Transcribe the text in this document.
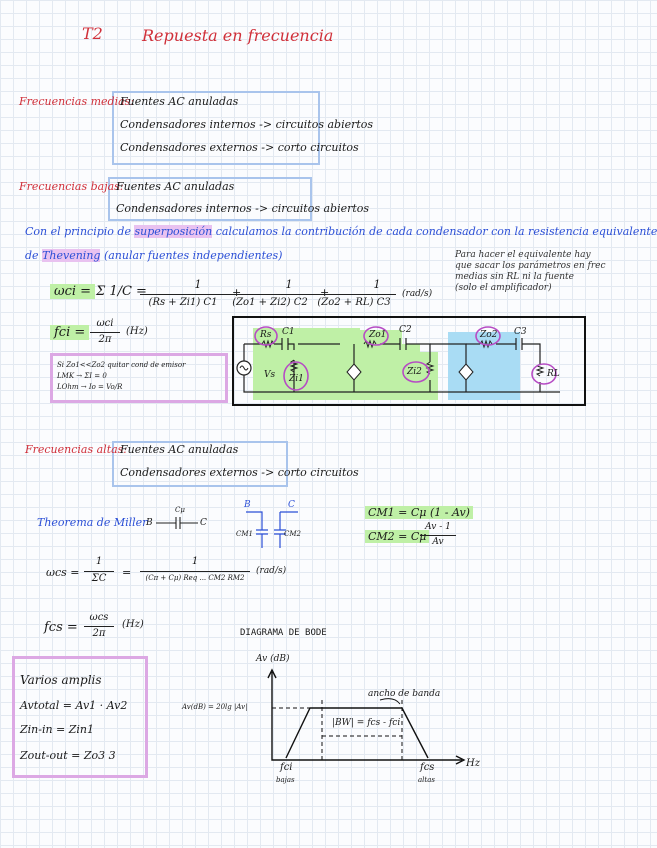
T2 Repuesta en frecuencia
Frecuencias medias:
Fuentes AC anuladas
Condensadores internos -> circuitos abiertos
Condensadores externos -> corto circuitos
Frecuencias bajas:
Fuentes AC anuladas
Condensadores internos -> circuitos abiertos
Con el principio de superposición calculamos la contribución de cada condensador con la resistencia equivalente
de Thevening (anular fuentes independientes)	Para hacer el equivalente hay
que sacar los parámetros en frec
medias sin RL ni la fuente
(solo el amplificador)
ωci = Σ 1/C =	1
(Rs + Zi1) C1
+
1
(Zo1 + Zi2) C2
+
1
(Zo2 + RL) C3
(rad/s)
fci =
ωci
2π
(Hz)
Si Zo1<<Zo2 quitar cond de emisor
LMK → ΣI = 0
LOhm → Io = Vo/R
Rs C1	Zo1 C2	Zo2 C3
Vs Zi1
Zi2	RL
Frecuencias altas:
Fuentes AC anuladas
Condensadores externos -> corto circuitos
Theorema de Miller
B	C
Cμ	B	C
CM1	CM2
CM1 = Cμ (1 - Av)
CM2 = Cμ
Av - 1
Av
ωcs =
1
ΣC	=
1
(Cπ + Cμ) Req ... CM2 RM2
(rad/s)
fcs =
ωcs
2π
(Hz)
Varios amplis
Avtotal = Av1 · Av2
Zin-in = Zin1
Zout-out = Zo3 3
DIAGRAMA DE BODE
Av (dB)
Hz
Av(dB) = 20lg |Av|
ancho de banda
|BW| = fcs - fci
fci
bajas
fcs
altas
